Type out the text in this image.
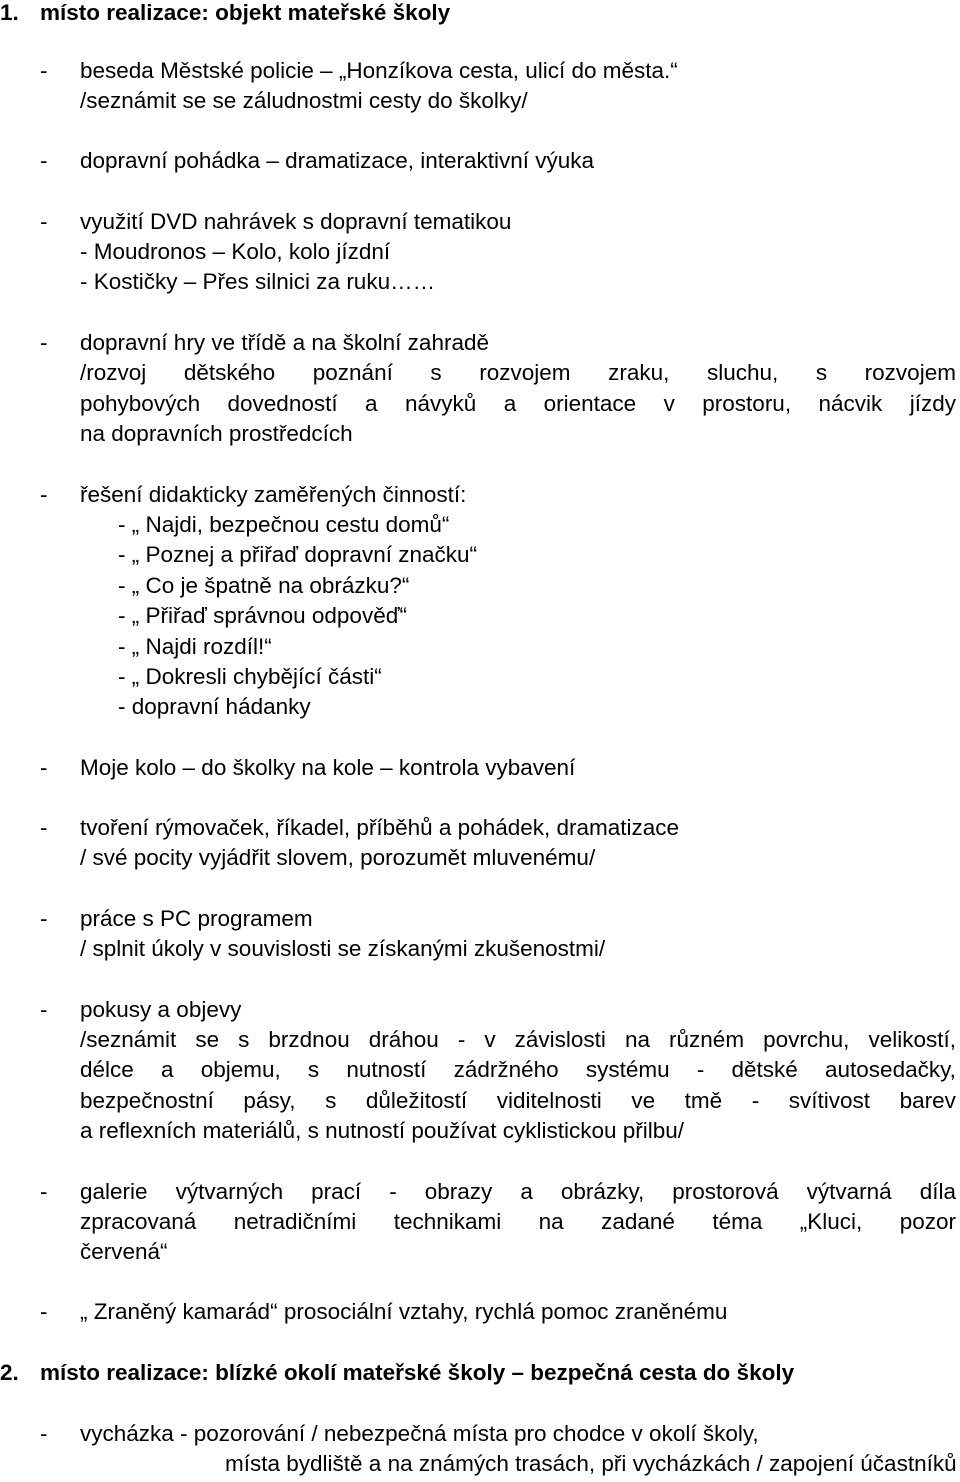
1. místo realizace: objekt mateřské školy
- beseda Městské policie – „Honzíkova cesta, ulicí do města.“
/seznámit se se záludnostmi cesty do školky/
- dopravní pohádka – dramatizace, interaktivní výuka
- využití DVD nahrávek s dopravní tematikou
- Moudronos – Kolo, kolo jízdní
- Kostičky – Přes silnici za ruku……
- dopravní hry ve třídě a na školní zahradě
/rozvoj dětského poznání s rozvojem zraku, sluchu, s rozvojem
pohybových dovedností a návyků a orientace v prostoru, nácvik jízdy
na dopravních prostředcích
- řešení didakticky zaměřených činností:
- „ Najdi, bezpečnou cestu domů“
- „ Poznej a přiřaď dopravní značku“
- „ Co je špatně na obrázku?“
- „ Přiřaď správnou odpověď“
- „ Najdi rozdíl!“
- „ Dokresli chybějící části“
- dopravní hádanky
- Moje kolo – do školky na kole – kontrola vybavení
- tvoření rýmovaček, říkadel, příběhů a pohádek, dramatizace
/ své pocity vyjádřit slovem, porozumět mluvenému/
- práce s PC programem
/ splnit úkoly v souvislosti se získanými zkušenostmi/
- pokusy a objevy
/seznámit se s brzdnou dráhou - v závislosti na různém povrchu, velikostí,
délce a objemu, s nutností zádržného systému - dětské autosedačky,
bezpečnostní pásy, s důležitostí viditelnosti ve tmě - svítivost barev
a reflexních materiálů, s nutností používat cyklistickou přilbu/
- galerie výtvarných prací - obrazy a obrázky, prostorová výtvarná díla
zpracovaná netradičními technikami na zadané téma „Kluci, pozor
červená“
- „ Zraněný kamarád“ prosociální vztahy, rychlá pomoc zraněnému
2. místo realizace: blízké okolí mateřské školy – bezpečná cesta do školy
- vycházka - pozorování / nebezpečná místa pro chodce v okolí školy,
místa bydliště a na známých trasách, při vycházkách / zapojení účastníků
